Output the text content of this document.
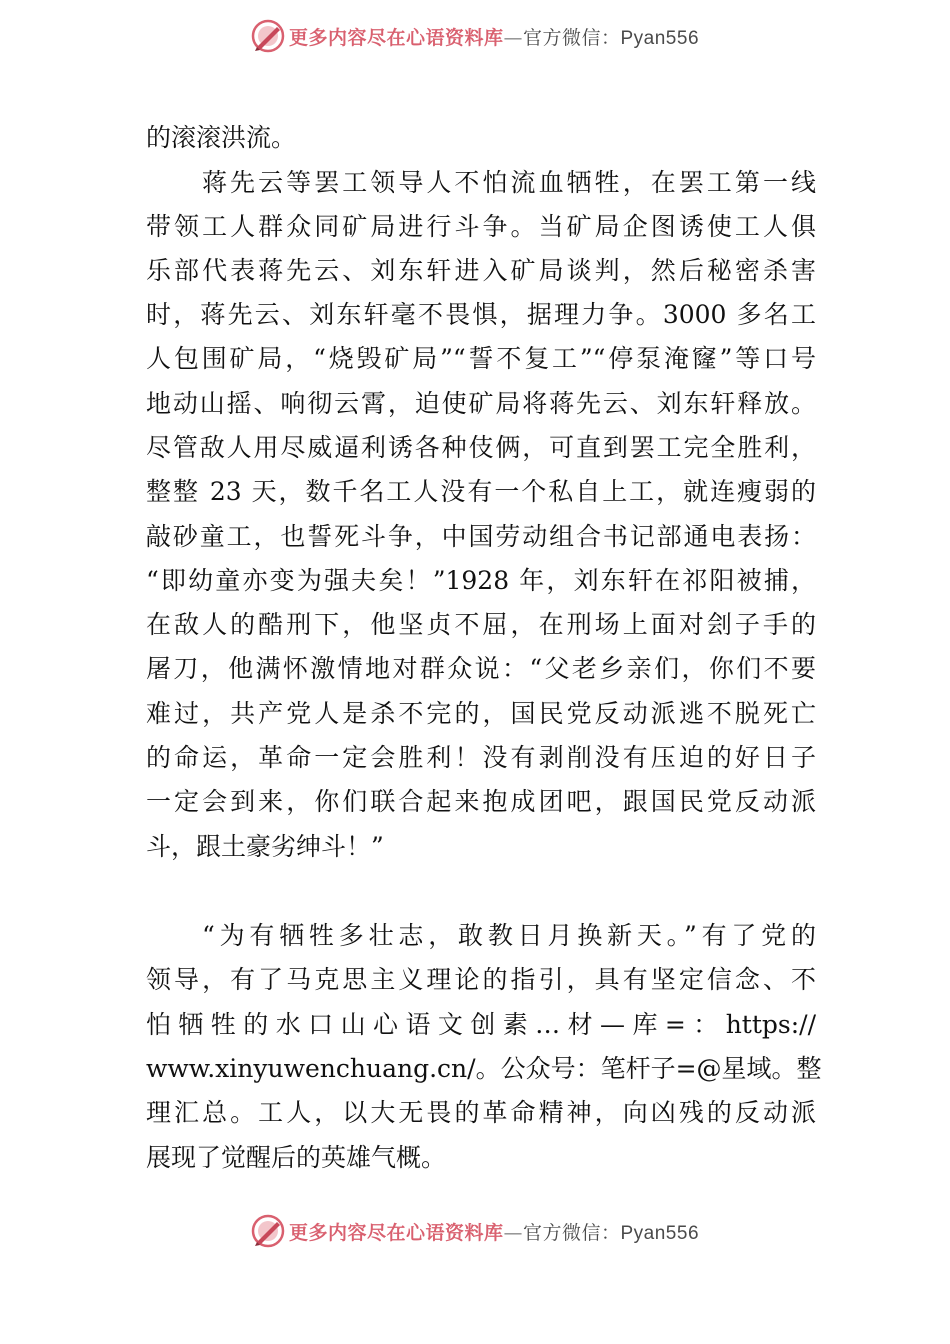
更多内容尽在心语资料库—官方微信：Pyan556
的滚滚洪流。
蒋先云等罢工领导人不怕流血牺牲，在罢工第一线
带领工人群众同矿局进行斗争。当矿局企图诱使工人俱
乐部代表蒋先云、刘东轩进入矿局谈判，然后秘密杀害
时，蒋先云、刘东轩毫不畏惧，据理力争。3000 多名工
人包围矿局，“烧毁矿局”“誓不复工”“停泵淹窿”等口号
地动山摇、响彻云霄，迫使矿局将蒋先云、刘东轩释放。
尽管敌人用尽威逼利诱各种伎俩，可直到罢工完全胜利，
整整 23 天，数千名工人没有一个私自上工，就连瘦弱的
敲砂童工，也誓死斗争，中国劳动组合书记部通电表扬：
“即幼童亦变为强夫矣！”1928 年，刘东轩在祁阳被捕，
在敌人的酷刑下，他坚贞不屈，在刑场上面对刽子手的
屠刀，他满怀激情地对群众说：“父老乡亲们，你们不要
难过，共产党人是杀不完的，国民党反动派逃不脱死亡
的命运，革命一定会胜利！没有剥削没有压迫的好日子
一定会到来，你们联合起来抱成团吧，跟国民党反动派
斗，跟土豪劣绅斗！”
“为有牺牲多壮志，敢教日月换新天。”有了党的
领导，有了马克思主义理论的指引，具有坚定信念、不
怕牺牲的水口山心语文创素…材—库=：https://
www.xinyuwenchuang.cn/。公众号：笔杆子=@星域。整
理汇总。工人，以大无畏的革命精神，向凶残的反动派
展现了觉醒后的英雄气概。
更多内容尽在心语资料库—官方微信：Pyan556
